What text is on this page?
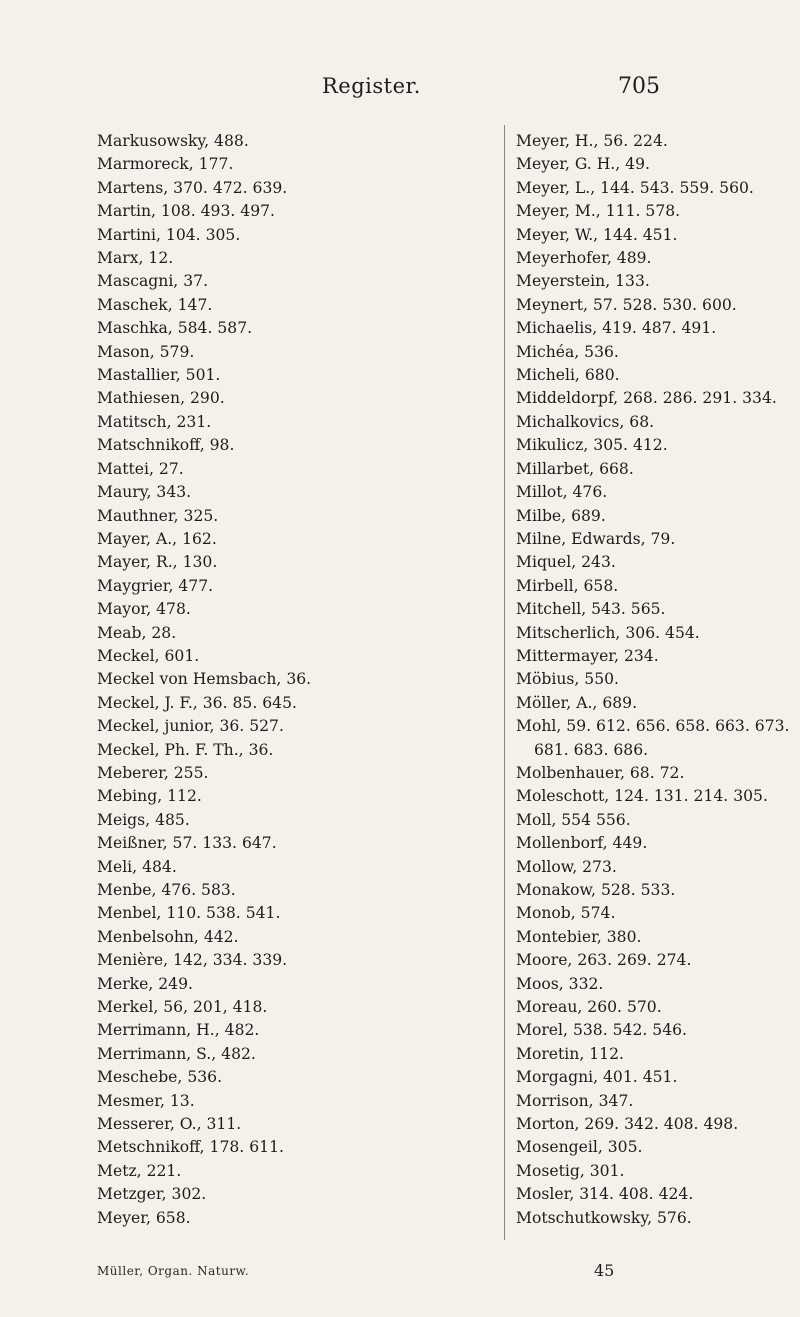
Register.	705
Markusowsky, 488.
Marmoreck, 177.
Martens, 370. 472. 639.
Martin, 108. 493. 497.
Martini, 104. 305.
Marx, 12.
Mascagni, 37.
Maschek, 147.
Maschka, 584. 587.
Mason, 579.
Mastallier, 501.
Mathiesen, 290.
Matitsch, 231.
Matschnikoff, 98.
Mattei, 27.
Maury, 343.
Mauthner, 325.
Mayer, A., 162.
Mayer, R., 130.
Maygrier, 477.
Mayor, 478.
Meab, 28.
Meckel, 601.
Meckel von Hemsbach, 36.
Meckel, J. F., 36. 85. 645.
Meckel, junior, 36. 527.
Meckel, Ph. F. Th., 36.
Meberer, 255.
Mebing, 112.
Meigs, 485.
Meißner, 57. 133. 647.
Meli, 484.
Menbe, 476. 583.
Menbel, 110. 538. 541.
Menbelsohn, 442.
Menière, 142, 334. 339.
Merke, 249.
Merkel, 56, 201, 418.
Merrimann, H., 482.
Merrimann, S., 482.
Meschebe, 536.
Mesmer, 13.
Messerer, O., 311.
Metschnikoff, 178. 611.
Metz, 221.
Metzger, 302.
Meyer, 658.
Meyer, H., 56. 224.
Meyer, G. H., 49.
Meyer, L., 144. 543. 559. 560.
Meyer, M., 111. 578.
Meyer, W., 144. 451.
Meyerhofer, 489.
Meyerstein, 133.
Meynert, 57. 528. 530. 600.
Michaelis, 419. 487. 491.
Michéa, 536.
Micheli, 680.
Middeldorpf, 268. 286. 291. 334.
Michalkovics, 68.
Mikulicz, 305. 412.
Millarbet, 668.
Millot, 476.
Milbe, 689.
Milne, Edwards, 79.
Miquel, 243.
Mirbell, 658.
Mitchell, 543. 565.
Mitscherlich, 306. 454.
Mittermayer, 234.
Möbius, 550.
Möller, A., 689.
Mohl, 59. 612. 656. 658. 663. 673.
681. 683. 686.
Molbenhauer, 68. 72.
Moleschott, 124. 131. 214. 305.
Moll, 554 556.
Mollenborf, 449.
Mollow, 273.
Monakow, 528. 533.
Monob, 574.
Montebier, 380.
Moore, 263. 269. 274.
Moos, 332.
Moreau, 260. 570.
Morel, 538. 542. 546.
Moretin, 112.
Morgagni, 401. 451.
Morrison, 347.
Morton, 269. 342. 408. 498.
Mosengeil, 305.
Mosetig, 301.
Mosler, 314. 408. 424.
Motschutkowsky, 576.
Müller, Organ. Naturw.	45
